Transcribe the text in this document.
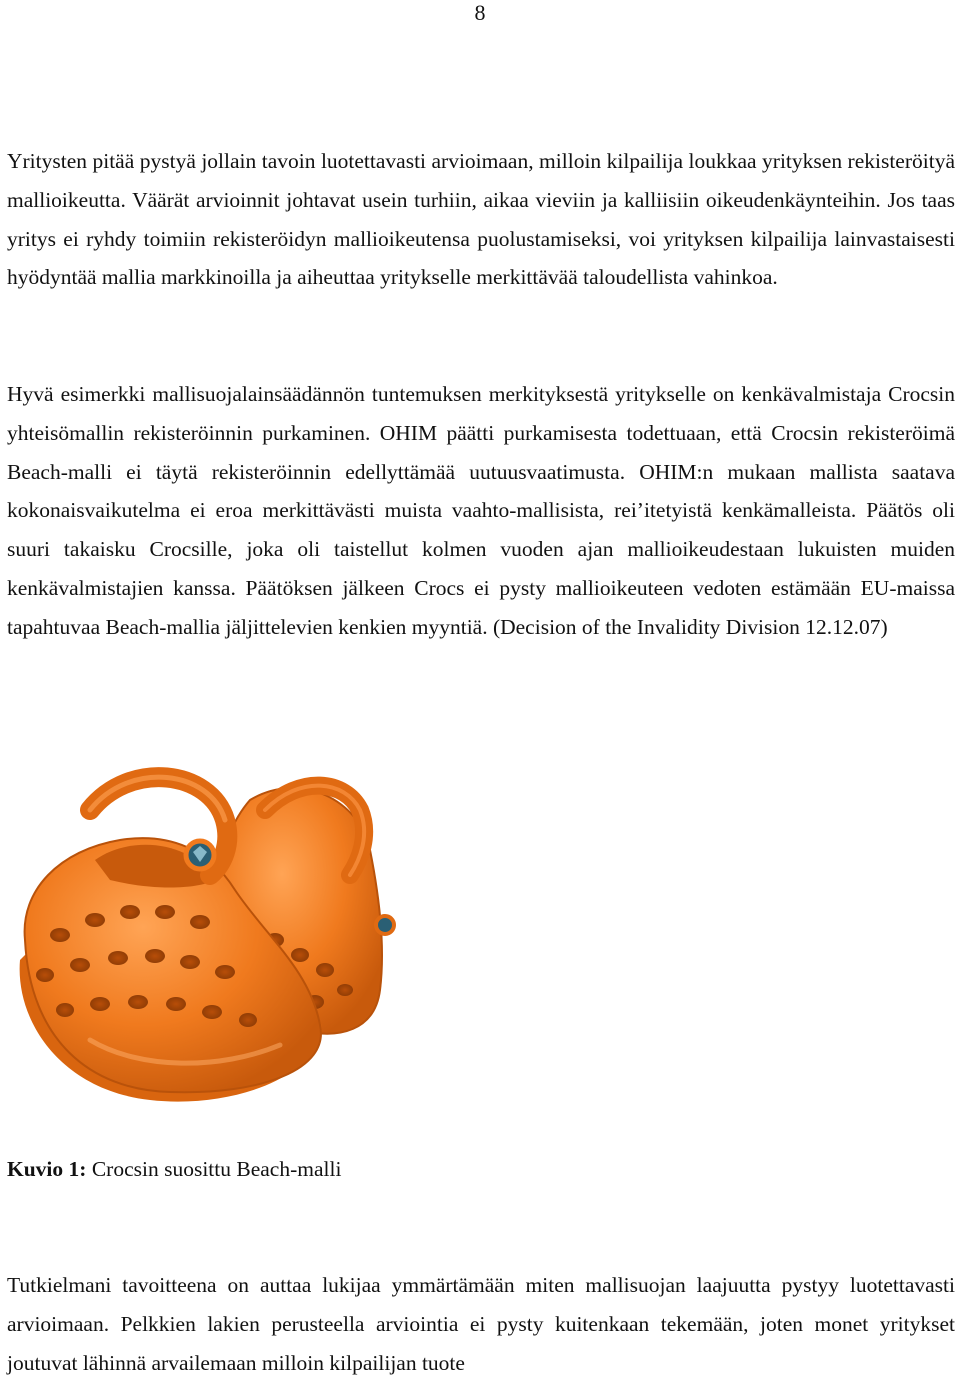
8

Yritysten pitää pystyä jollain tavoin luotettavasti arvioimaan, milloin kilpailija loukkaa yrityksen rekisteröityä mallioikeutta. Väärät arvioinnit johtavat usein turhiin, aikaa vieviin ja kalliisiin oikeudenkäynteihin. Jos taas yritys ei ryhdy toimiin rekisteröidyn mallioikeutensa puolustamiseksi, voi yrityksen kilpailija lainvastaisesti hyödyntää mallia markkinoilla ja aiheuttaa yritykselle merkittävää taloudellista vahinkoa.

Hyvä esimerkki mallisuojalainsäädännön tuntemuksen merkityksestä yritykselle on kenkävalmistaja Crocsin yhteisömallin rekisteröinnin purkaminen. OHIM päätti purkamisesta todettuaan, että Crocsin rekisteröimä Beach-malli ei täytä rekisteröinnin edellyttämää uutuusvaatimusta. OHIM:n mukaan mallista saatava kokonaisvaikutelma ei eroa merkittävästi muista vaahto-mallisista, rei’itetyistä kenkämalleista. Päätös oli suuri takaisku Crocsille, joka oli taistellut kolmen vuoden ajan mallioikeudestaan lukuisten muiden kenkävalmistajien kanssa. Päätöksen jälkeen Crocs ei pysty mallioikeuteen vedoten estämään EU-maissa tapahtuvaa Beach-mallia jäljittelevien kenkien myyntiä. (Decision of the Invalidity Division 12.12.07)

Kuvio 1: Crocsin suosittu Beach-malli

Tutkielmani tavoitteena on auttaa lukijaa ymmärtämään miten mallisuojan laajuutta pystyy luotettavasti arvioimaan. Pelkkien lakien perusteella arviointia ei pysty kuitenkaan tekemään, joten monet yritykset joutuvat lähinnä arvailemaan milloin kilpailijan tuote
